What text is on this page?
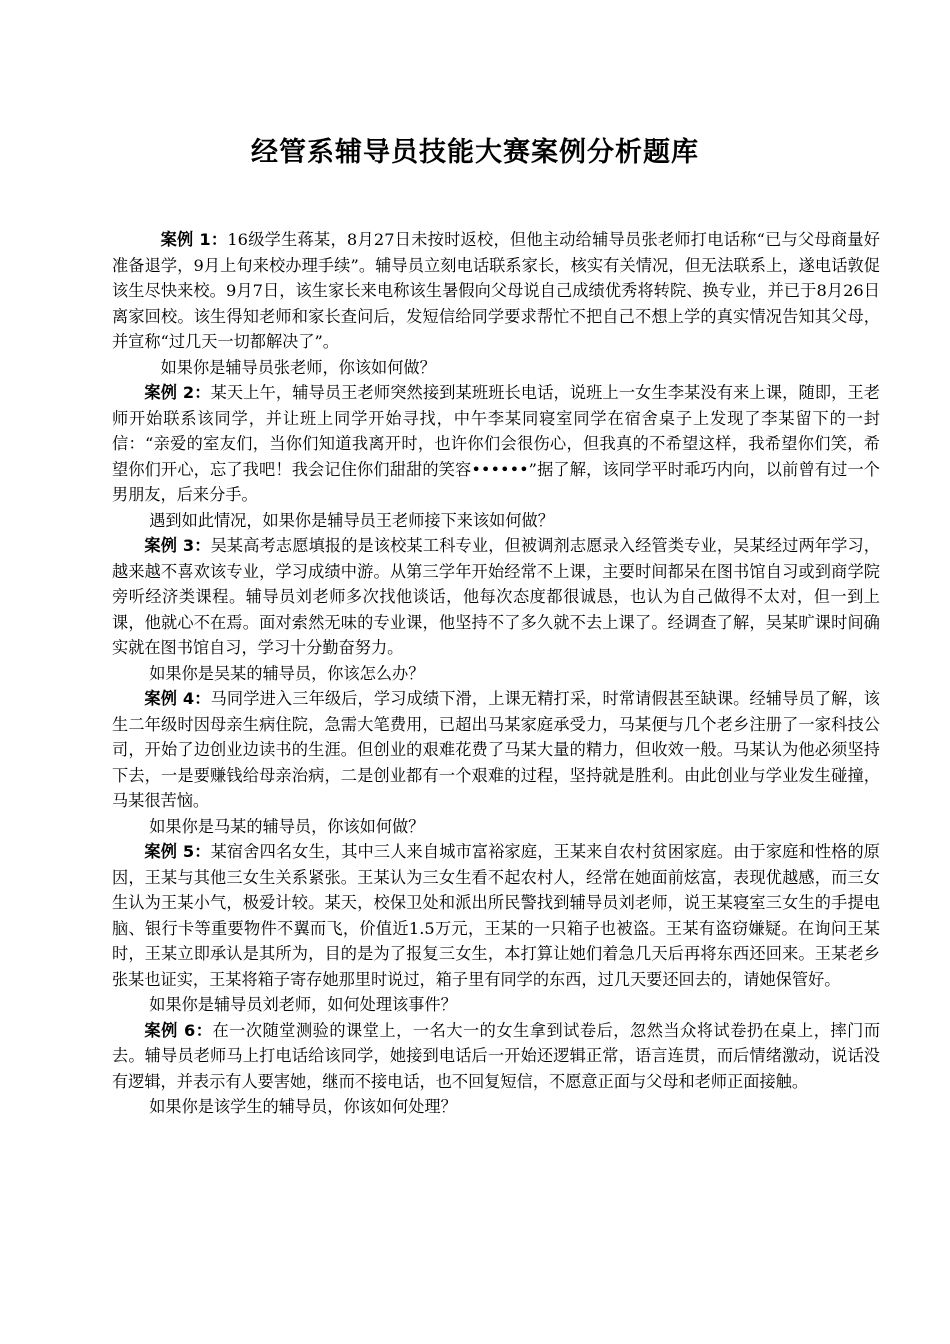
经管系辅导员技能大赛案例分析题库

案例 1：16级学生蒋某，8月27日未按时返校，但他主动给辅导员张老师打电话称“已与父母商量好准备退学，9月上旬来校办理手续”。辅导员立刻电话联系家长，核实有关情况，但无法联系上，遂电话敦促该生尽快来校。9月7日，该生家长来电称该生暑假向父母说自己成绩优秀将转院、换专业，并已于8月26日离家回校。该生得知老师和家长查问后，发短信给同学要求帮忙不把自己不想上学的真实情况告知其父母，并宣称“过几天一切都解决了”。

如果你是辅导员张老师，你该如何做？

案例 2：某天上午，辅导员王老师突然接到某班班长电话，说班上一女生李某没有来上课，随即，王老师开始联系该同学，并让班上同学开始寻找，中午李某同寝室同学在宿舍桌子上发现了李某留下的一封信：“亲爱的室友们，当你们知道我离开时，也许你们会很伤心，但我真的不希望这样，我希望你们笑，希望你们开心，忘了我吧！我会记住你们甜甜的笑容••••••”据了解，该同学平时乖巧内向，以前曾有过一个男朋友，后来分手。

遇到如此情况，如果你是辅导员王老师接下来该如何做？

案例 3：吴某高考志愿填报的是该校某工科专业，但被调剂志愿录入经管类专业，吴某经过两年学习，越来越不喜欢该专业，学习成绩中游。从第三学年开始经常不上课，主要时间都呆在图书馆自习或到商学院旁听经济类课程。辅导员刘老师多次找他谈话，他每次态度都很诚恳，也认为自己做得不太对，但一到上课，他就心不在焉。面对索然无味的专业课，他坚持不了多久就不去上课了。经调查了解，吴某旷课时间确实就在图书馆自习，学习十分勤奋努力。

如果你是吴某的辅导员，你该怎么办？

案例 4：马同学进入三年级后，学习成绩下滑，上课无精打采，时常请假甚至缺课。经辅导员了解，该生二年级时因母亲生病住院，急需大笔费用，已超出马某家庭承受力，马某便与几个老乡注册了一家科技公司，开始了边创业边读书的生涯。但创业的艰难花费了马某大量的精力，但收效一般。马某认为他必须坚持下去，一是要赚钱给母亲治病，二是创业都有一个艰难的过程，坚持就是胜利。由此创业与学业发生碰撞，马某很苦恼。

如果你是马某的辅导员，你该如何做？

案例 5：某宿舍四名女生，其中三人来自城市富裕家庭，王某来自农村贫困家庭。由于家庭和性格的原因，王某与其他三女生关系紧张。王某认为三女生看不起农村人，经常在她面前炫富，表现优越感，而三女生认为王某小气，极爱计较。某天，校保卫处和派出所民警找到辅导员刘老师，说王某寝室三女生的手提电脑、银行卡等重要物件不翼而飞，价值近1.5万元，王某的一只箱子也被盗。王某有盗窃嫌疑。在询问王某时，王某立即承认是其所为，目的是为了报复三女生，本打算让她们着急几天后再将东西还回来。王某老乡张某也证实，王某将箱子寄存她那里时说过，箱子里有同学的东西，过几天要还回去的，请她保管好。

如果你是辅导员刘老师，如何处理该事件？

案例 6：在一次随堂测验的课堂上，一名大一的女生拿到试卷后，忽然当众将试卷扔在桌上，摔门而去。辅导员老师马上打电话给该同学，她接到电话后一开始还逻辑正常，语言连贯，而后情绪激动，说话没有逻辑，并表示有人要害她，继而不接电话，也不回复短信，不愿意正面与父母和老师正面接触。

如果你是该学生的辅导员，你该如何处理？
